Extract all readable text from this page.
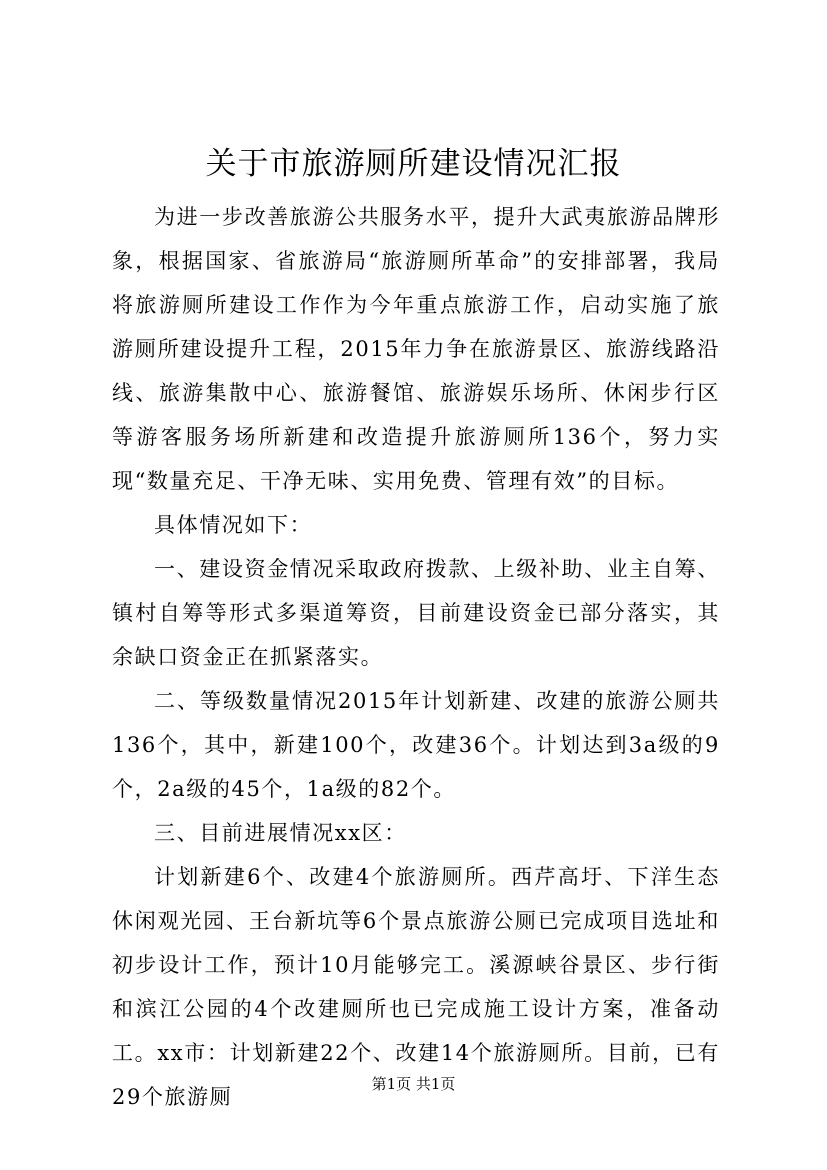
关于市旅游厕所建设情况汇报

为进一步改善旅游公共服务水平，提升大武夷旅游品牌形象，根据国家、省旅游局“旅游厕所革命”的安排部署，我局将旅游厕所建设工作作为今年重点旅游工作，启动实施了旅游厕所建设提升工程，2015年力争在旅游景区、旅游线路沿线、旅游集散中心、旅游餐馆、旅游娱乐场所、休闲步行区等游客服务场所新建和改造提升旅游厕所136个，努力实现“数量充足、干净无味、实用免费、管理有效”的目标。

具体情况如下：

一、建设资金情况采取政府拨款、上级补助、业主自筹、镇村自筹等形式多渠道筹资，目前建设资金已部分落实，其余缺口资金正在抓紧落实。

二、等级数量情况2015年计划新建、改建的旅游公厕共136个，其中，新建100个，改建36个。计划达到3a级的9个，2a级的45个，1a级的82个。

三、目前进展情况xx区：

计划新建6个、改建4个旅游厕所。西芹高圩、下洋生态休闲观光园、王台新坑等6个景点旅游公厕已完成项目选址和初步设计工作，预计10月能够完工。溪源峡谷景区、步行街和滨江公园的4个改建厕所也已完成施工设计方案，准备动工。xx市：计划新建22个、改建14个旅游厕所。目前，已有29个旅游厕

第1页 共1页
